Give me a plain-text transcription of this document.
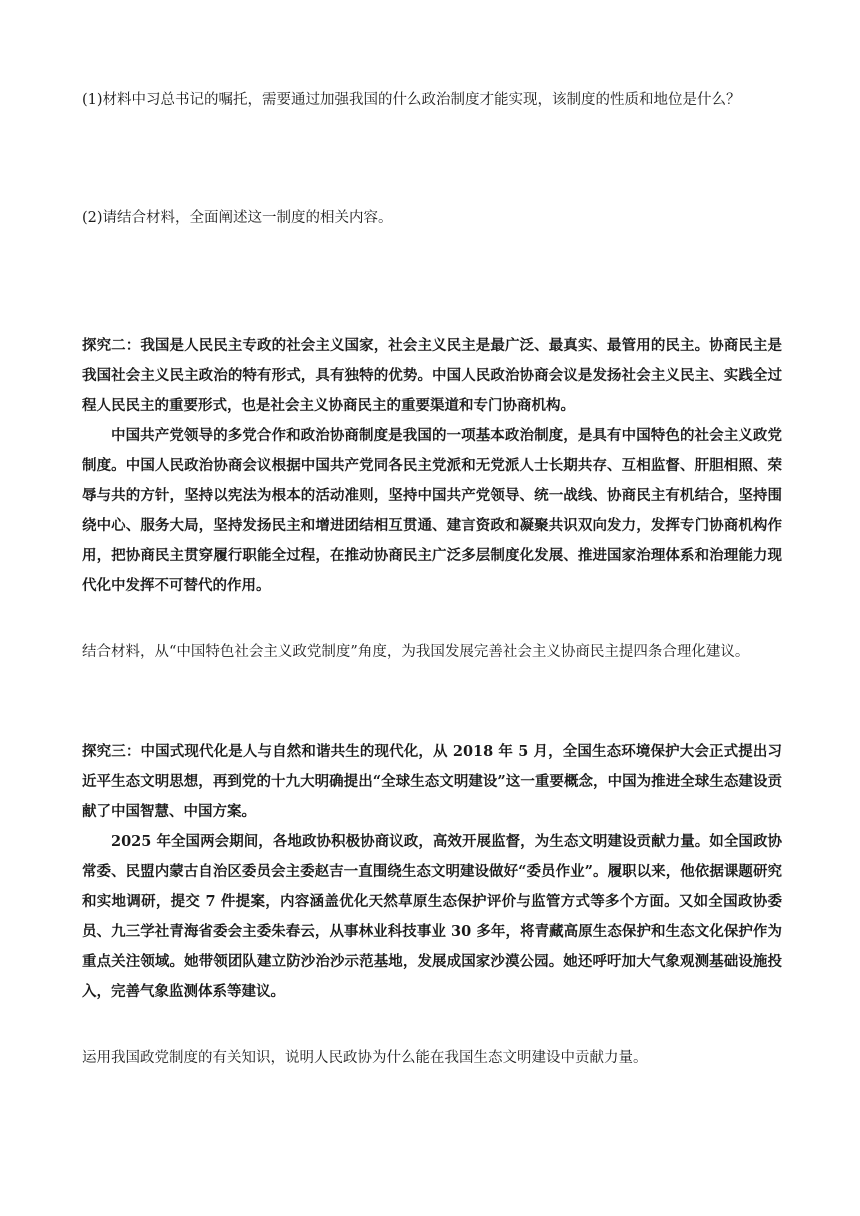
(1)材料中习总书记的嘱托，需要通过加强我国的什么政治制度才能实现，该制度的性质和地位是什么？
(2)请结合材料，全面阐述这一制度的相关内容。

探究二：我国是人民民主专政的社会主义国家，社会主义民主是最广泛、最真实、最管用的民主。协商民主是我国社会主义民主政治的特有形式，具有独特的优势。中国人民政治协商会议是发扬社会主义民主、实践全过程人民民主的重要形式，也是社会主义协商民主的重要渠道和专门协商机构。

中国共产党领导的多党合作和政治协商制度是我国的一项基本政治制度，是具有中国特色的社会主义政党制度。中国人民政治协商会议根据中国共产党同各民主党派和无党派人士长期共存、互相监督、肝胆相照、荣辱与共的方针，坚持以宪法为根本的活动准则，坚持中国共产党领导、统一战线、协商民主有机结合，坚持围绕中心、服务大局，坚持发扬民主和增进团结相互贯通、建言资政和凝聚共识双向发力，发挥专门协商机构作用，把协商民主贯穿履行职能全过程，在推动协商民主广泛多层制度化发展、推进国家治理体系和治理能力现代化中发挥不可替代的作用。

结合材料，从“中国特色社会主义政党制度”角度，为我国发展完善社会主义协商民主提四条合理化建议。

探究三：中国式现代化是人与自然和谐共生的现代化，从 2018 年 5 月，全国生态环境保护大会正式提出习近平生态文明思想，再到党的十九大明确提出“全球生态文明建设”这一重要概念，中国为推进全球生态建设贡献了中国智慧、中国方案。

2025 年全国两会期间，各地政协积极协商议政，高效开展监督，为生态文明建设贡献力量。如全国政协常委、民盟内蒙古自治区委员会主委赵吉一直围绕生态文明建设做好“委员作业”。履职以来，他依据课题研究和实地调研，提交 7 件提案，内容涵盖优化天然草原生态保护评价与监管方式等多个方面。又如全国政协委员、九三学社青海省委会主委朱春云，从事林业科技事业 30 多年，将青藏高原生态保护和生态文化保护作为重点关注领域。她带领团队建立防沙治沙示范基地，发展成国家沙漠公园。她还呼吁加大气象观测基础设施投入，完善气象监测体系等建议。

运用我国政党制度的有关知识，说明人民政协为什么能在我国生态文明建设中贡献力量。
